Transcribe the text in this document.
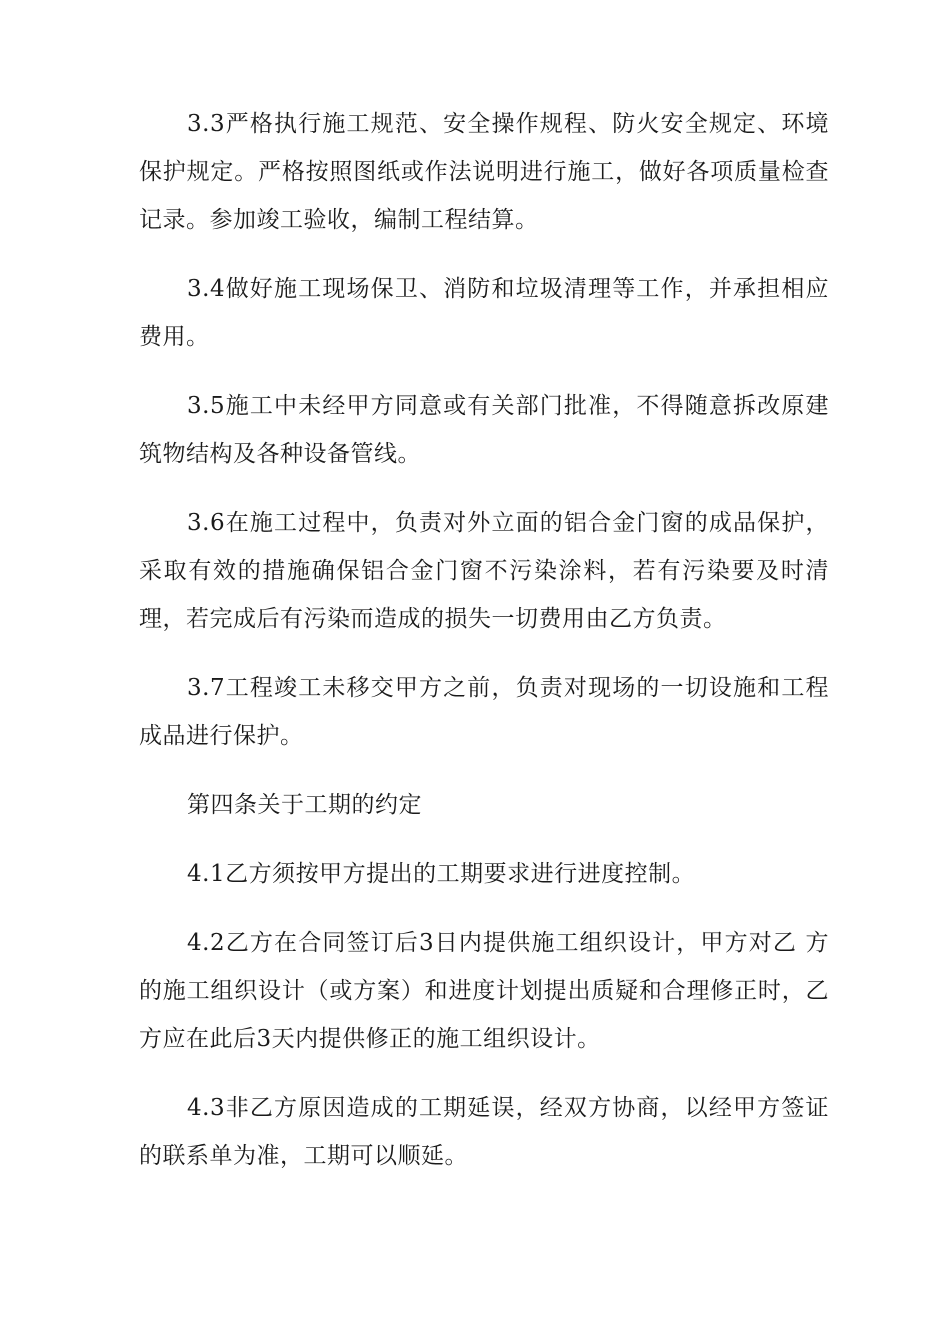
3.3严格执行施工规范、安全操作规程、防火安全规定、环境保护规定。严格按照图纸或作法说明进行施工，做好各项质量检查记录。参加竣工验收，编制工程结算。

3.4做好施工现场保卫、消防和垃圾清理等工作，并承担相应费用。

3.5施工中未经甲方同意或有关部门批准，不得随意拆改原建筑物结构及各种设备管线。

3.6在施工过程中，负责对外立面的铝合金门窗的成品保护，采取有效的措施确保铝合金门窗不污染涂料，若有污染要及时清理，若完成后有污染而造成的损失一切费用由乙方负责。

3.7工程竣工未移交甲方之前，负责对现场的一切设施和工程成品进行保护。

第四条关于工期的约定

4.1乙方须按甲方提出的工期要求进行进度控制。

4.2乙方在合同签订后3日内提供施工组织设计，甲方对乙 方的施工组织设计（或方案）和进度计划提出质疑和合理修正时，乙方应在此后3天内提供修正的施工组织设计。

4.3非乙方原因造成的工期延误，经双方协商，以经甲方签证的联系单为准，工期可以顺延。
